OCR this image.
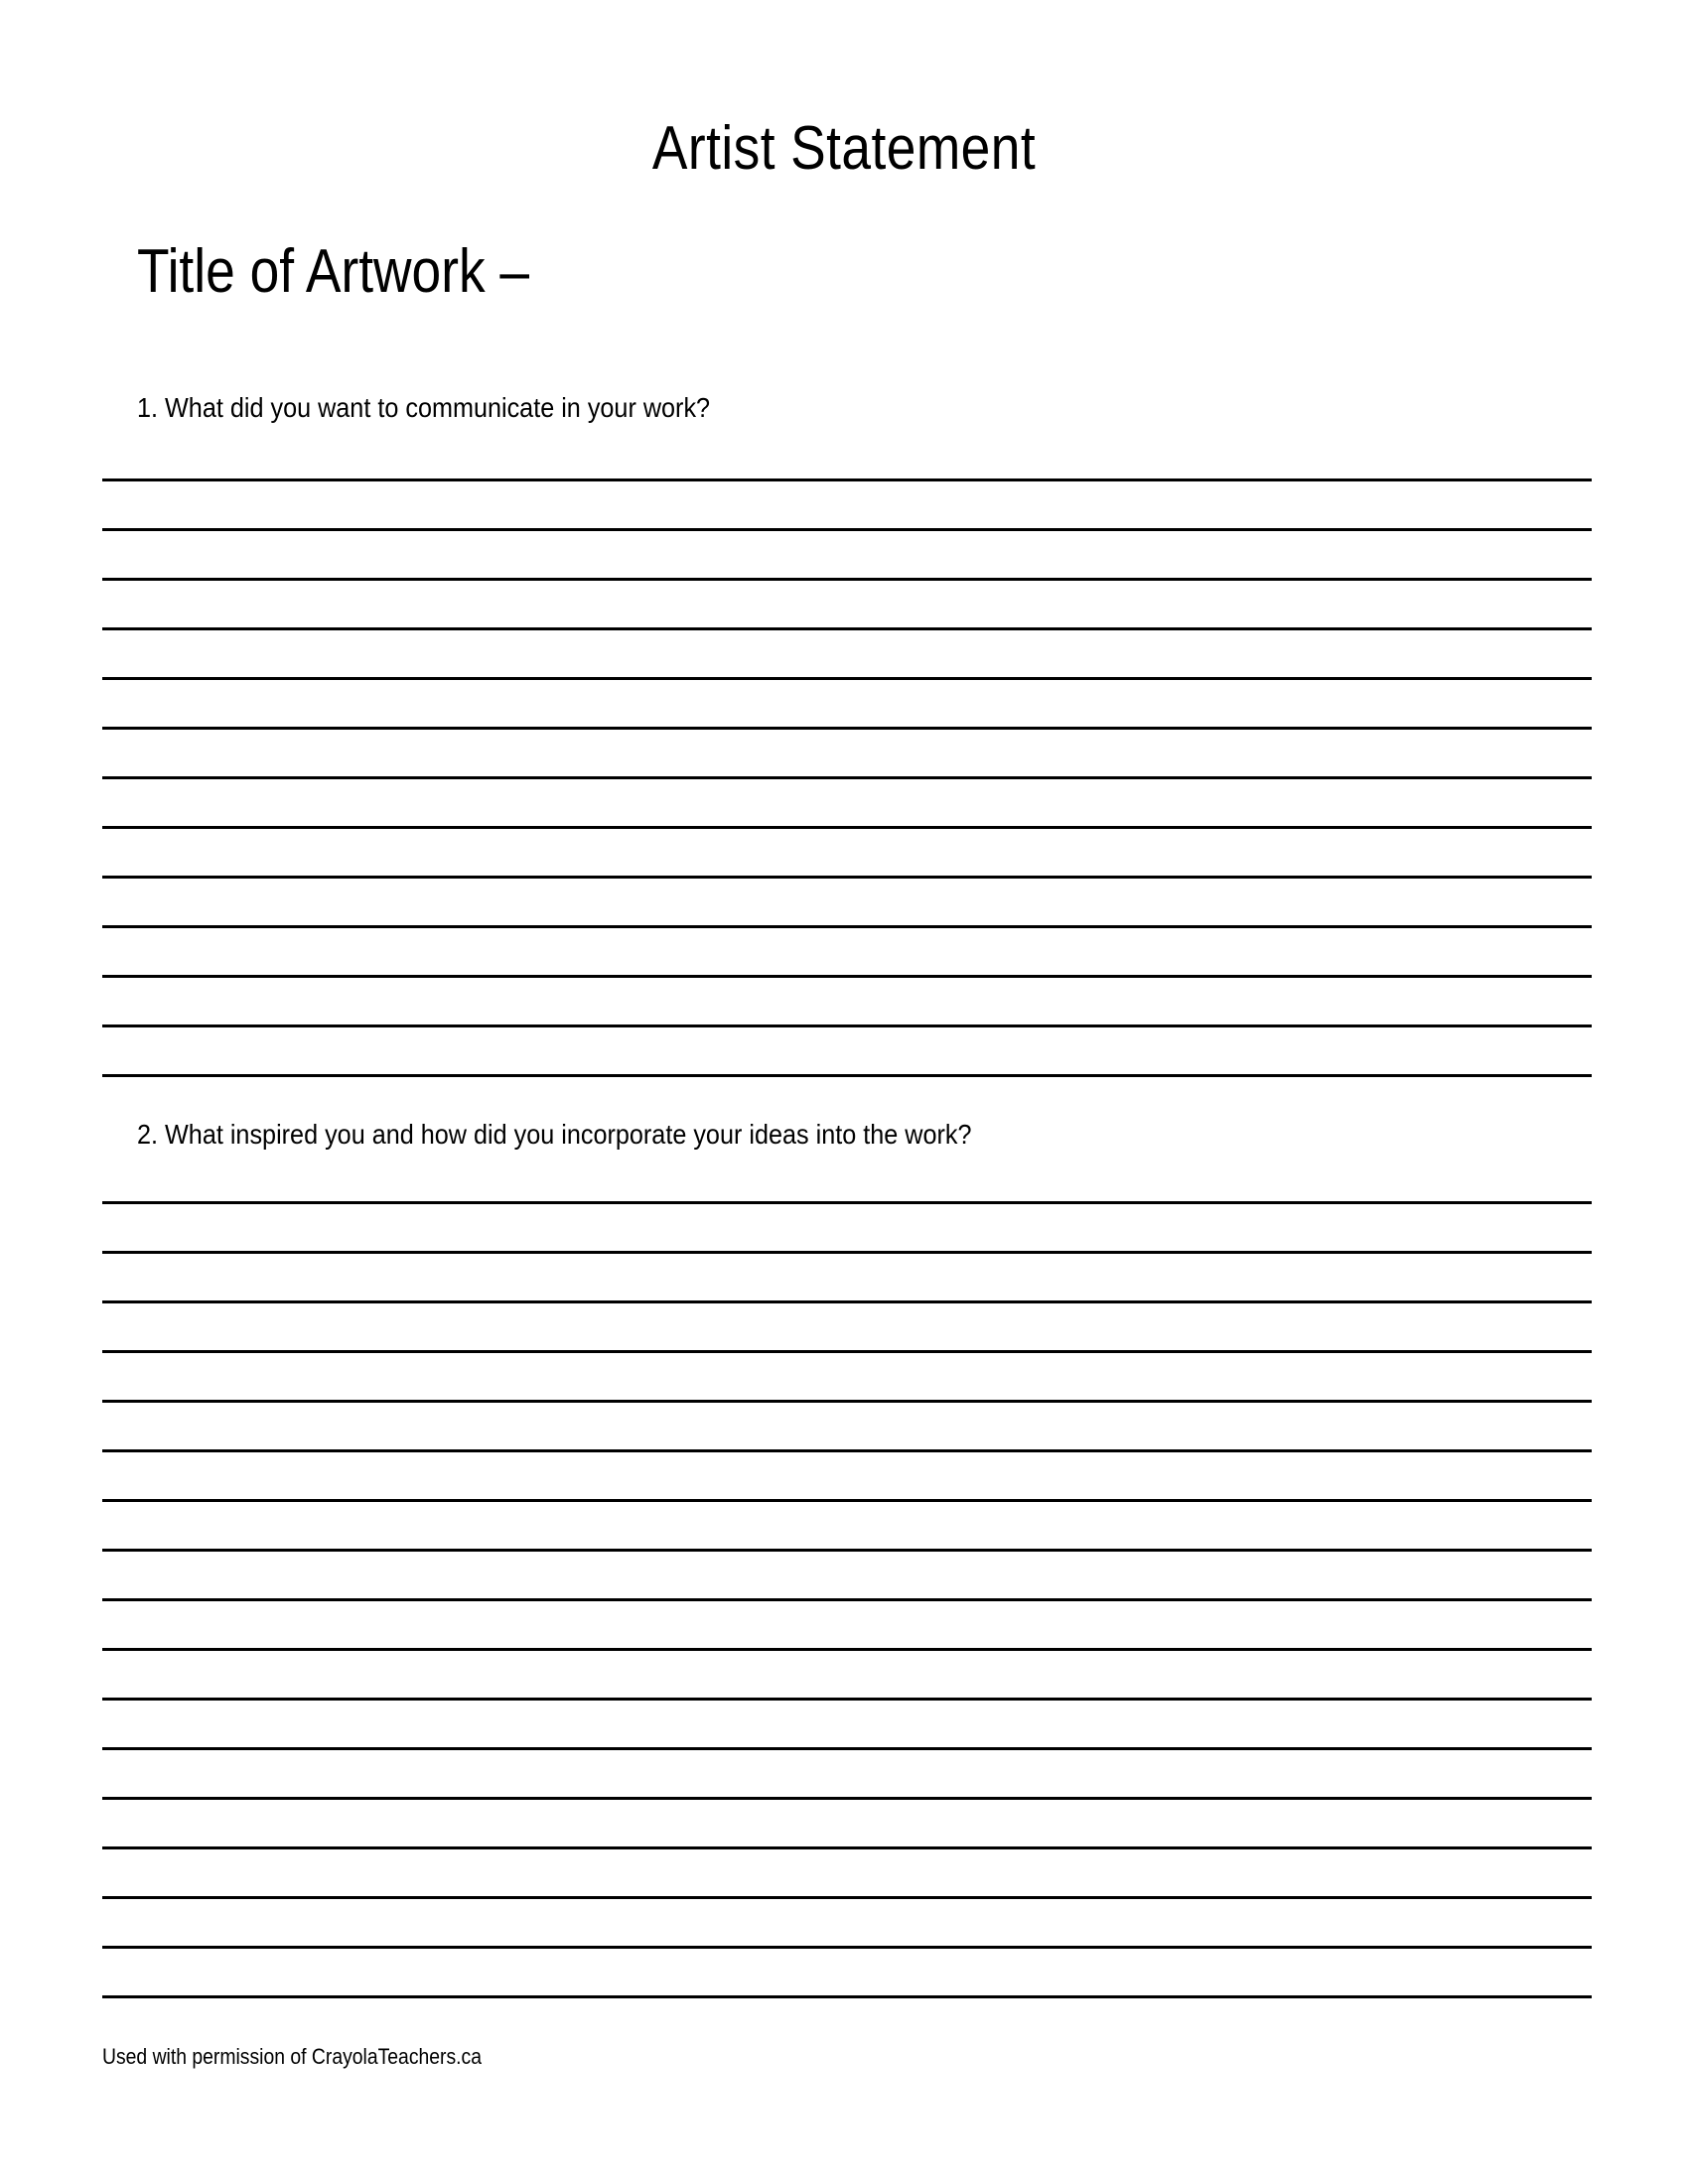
Artist Statement
Title of Artwork –
1. What did you want to communicate in your work?
2. What inspired you and how did you incorporate your ideas into the work?
Used with permission of CrayolaTeachers.ca
